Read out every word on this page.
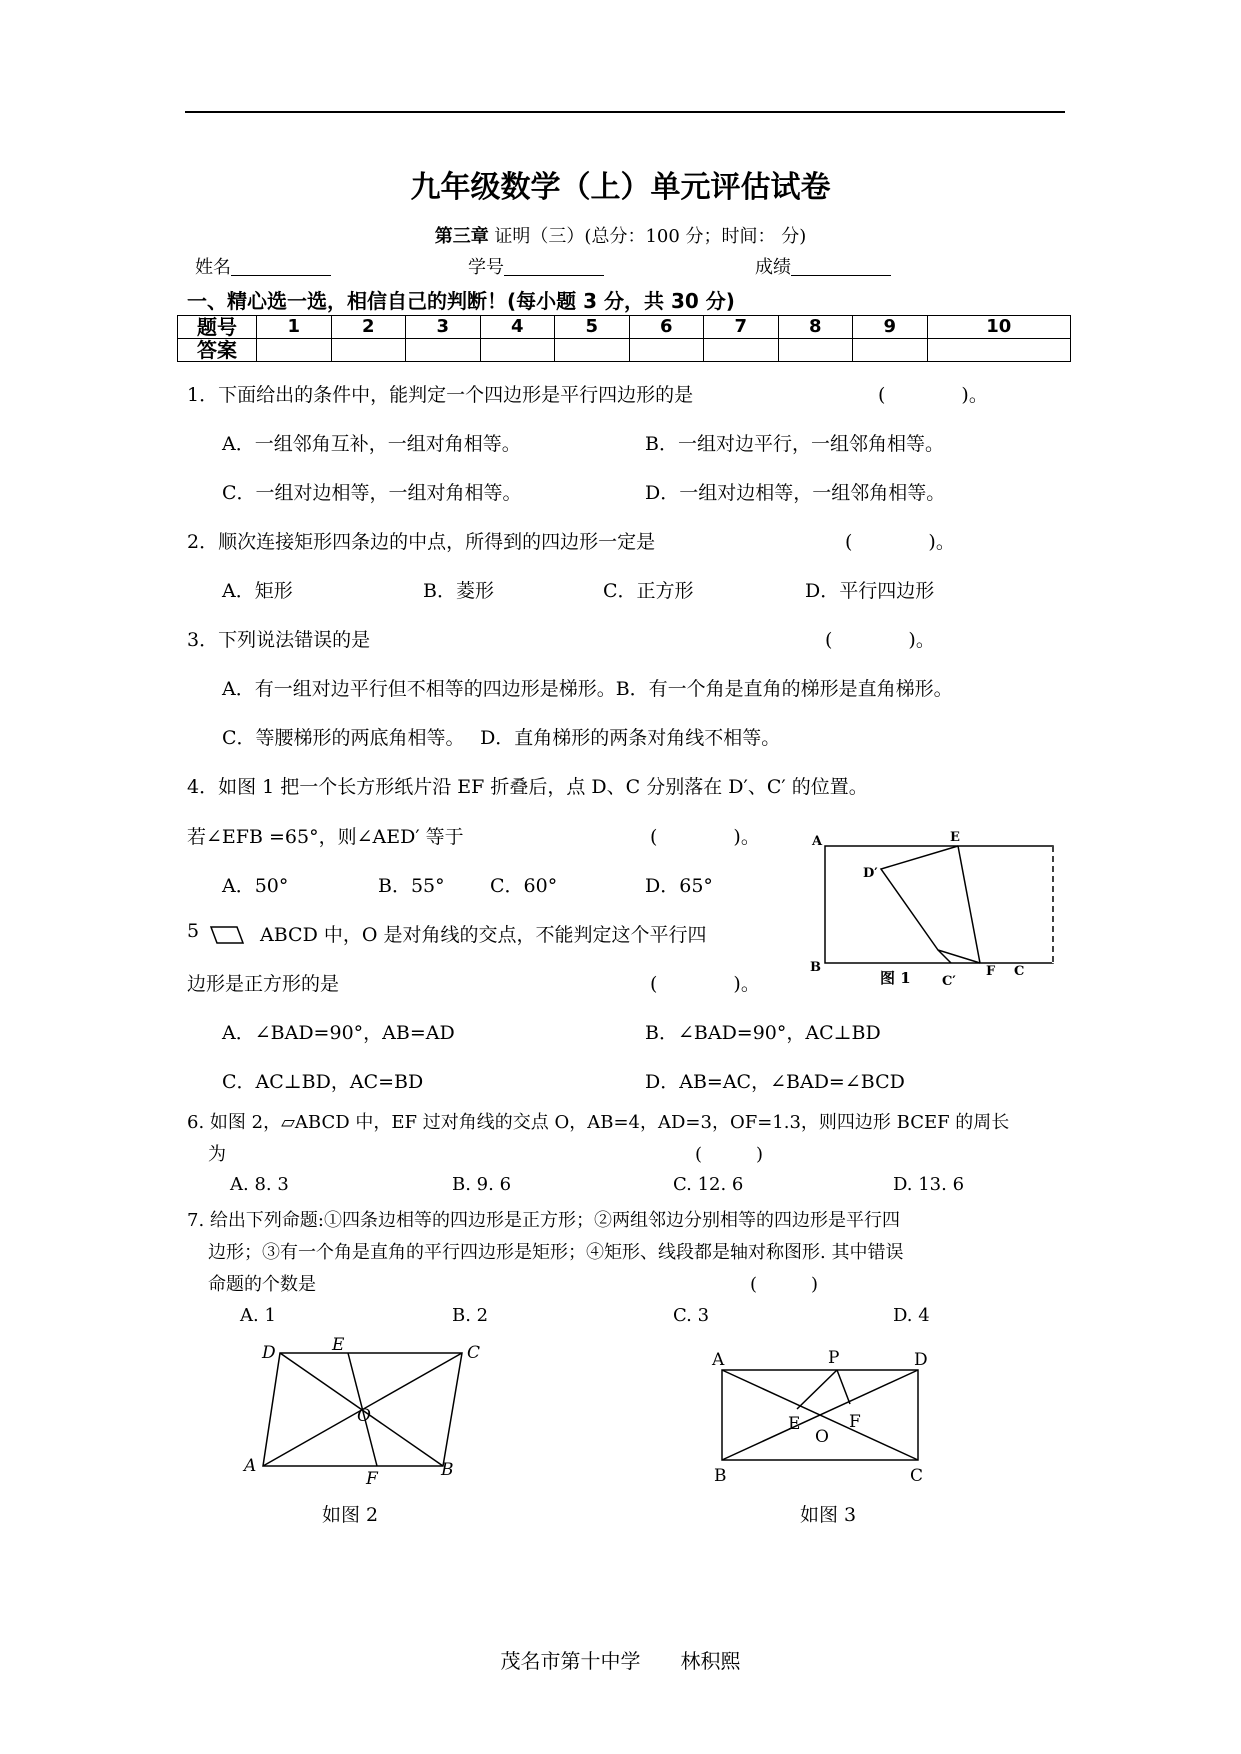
九年级数学（上）单元评估试卷
第三章 证明（三）(总分：100 分；时间： 分)
姓名	学号	成绩
一、精心选一选，相信自己的判断！(每小题 3 分，共 30 分)
题号	1	2	3	4	5	6	7	8	9	10
答案										
1．下面给出的条件中，能判定一个四边形是平行四边形的是	(　　　　)。
A．一组邻角互补，一组对角相等。	B．一组对边平行，一组邻角相等。
C．一组对边相等，一组对角相等。	D．一组对边相等，一组邻角相等。
2．顺次连接矩形四条边的中点，所得到的四边形一定是	(　　　　)。
A．矩形	B．菱形	C．正方形	D．平行四边形
3．下列说法错误的是	(　　　　)。
A．有一组对边平行但不相等的四边形是梯形。B．有一个角是直角的梯形是直角梯形。
C．等腰梯形的两底角相等。　 D．直角梯形的两条对角线不相等。
4．如图 1 把一个长方形纸片沿 EF 折叠后，点 D、C 分别落在 D′、C′ 的位置。
若∠EFB =65°，则∠AED′ 等于	(　　　　)。
A．50°	B．55° C．60°	D．65°
A	E
D′
B
C′
F C
图 1
5	ABCD 中，O 是对角线的交点，不能判定这个平行四
边形是正方形的是	(　　　　)。
A．∠BAD=90°，AB=AD	B．∠BAD=90°，AC⊥BD
C．AC⊥BD，AC=BD	D．AB=AC，∠BAD=∠BCD
6. 如图 2，▱ABCD 中，EF 过对角线的交点 O，AB=4，AD=3，OF=1.3，则四边形 BCEF 的周长
为	(　　　)
A. 8. 3	B. 9. 6	C. 12. 6	D. 13. 6
7. 给出下列命题:①四条边相等的四边形是正方形；②两组邻边分别相等的四边形是平行四
边形；③有一个角是直角的平行四边形是矩形；④矩形、线段都是轴对称图形. 其中错误
命题的个数是	(　　　)
A. 1	B. 2	C. 3	D. 4
D	E	C
O
A
F	B
如图 2
A	P	D
E	F
O
B	C
如图 3
茂名市第十中学　　林积熙
